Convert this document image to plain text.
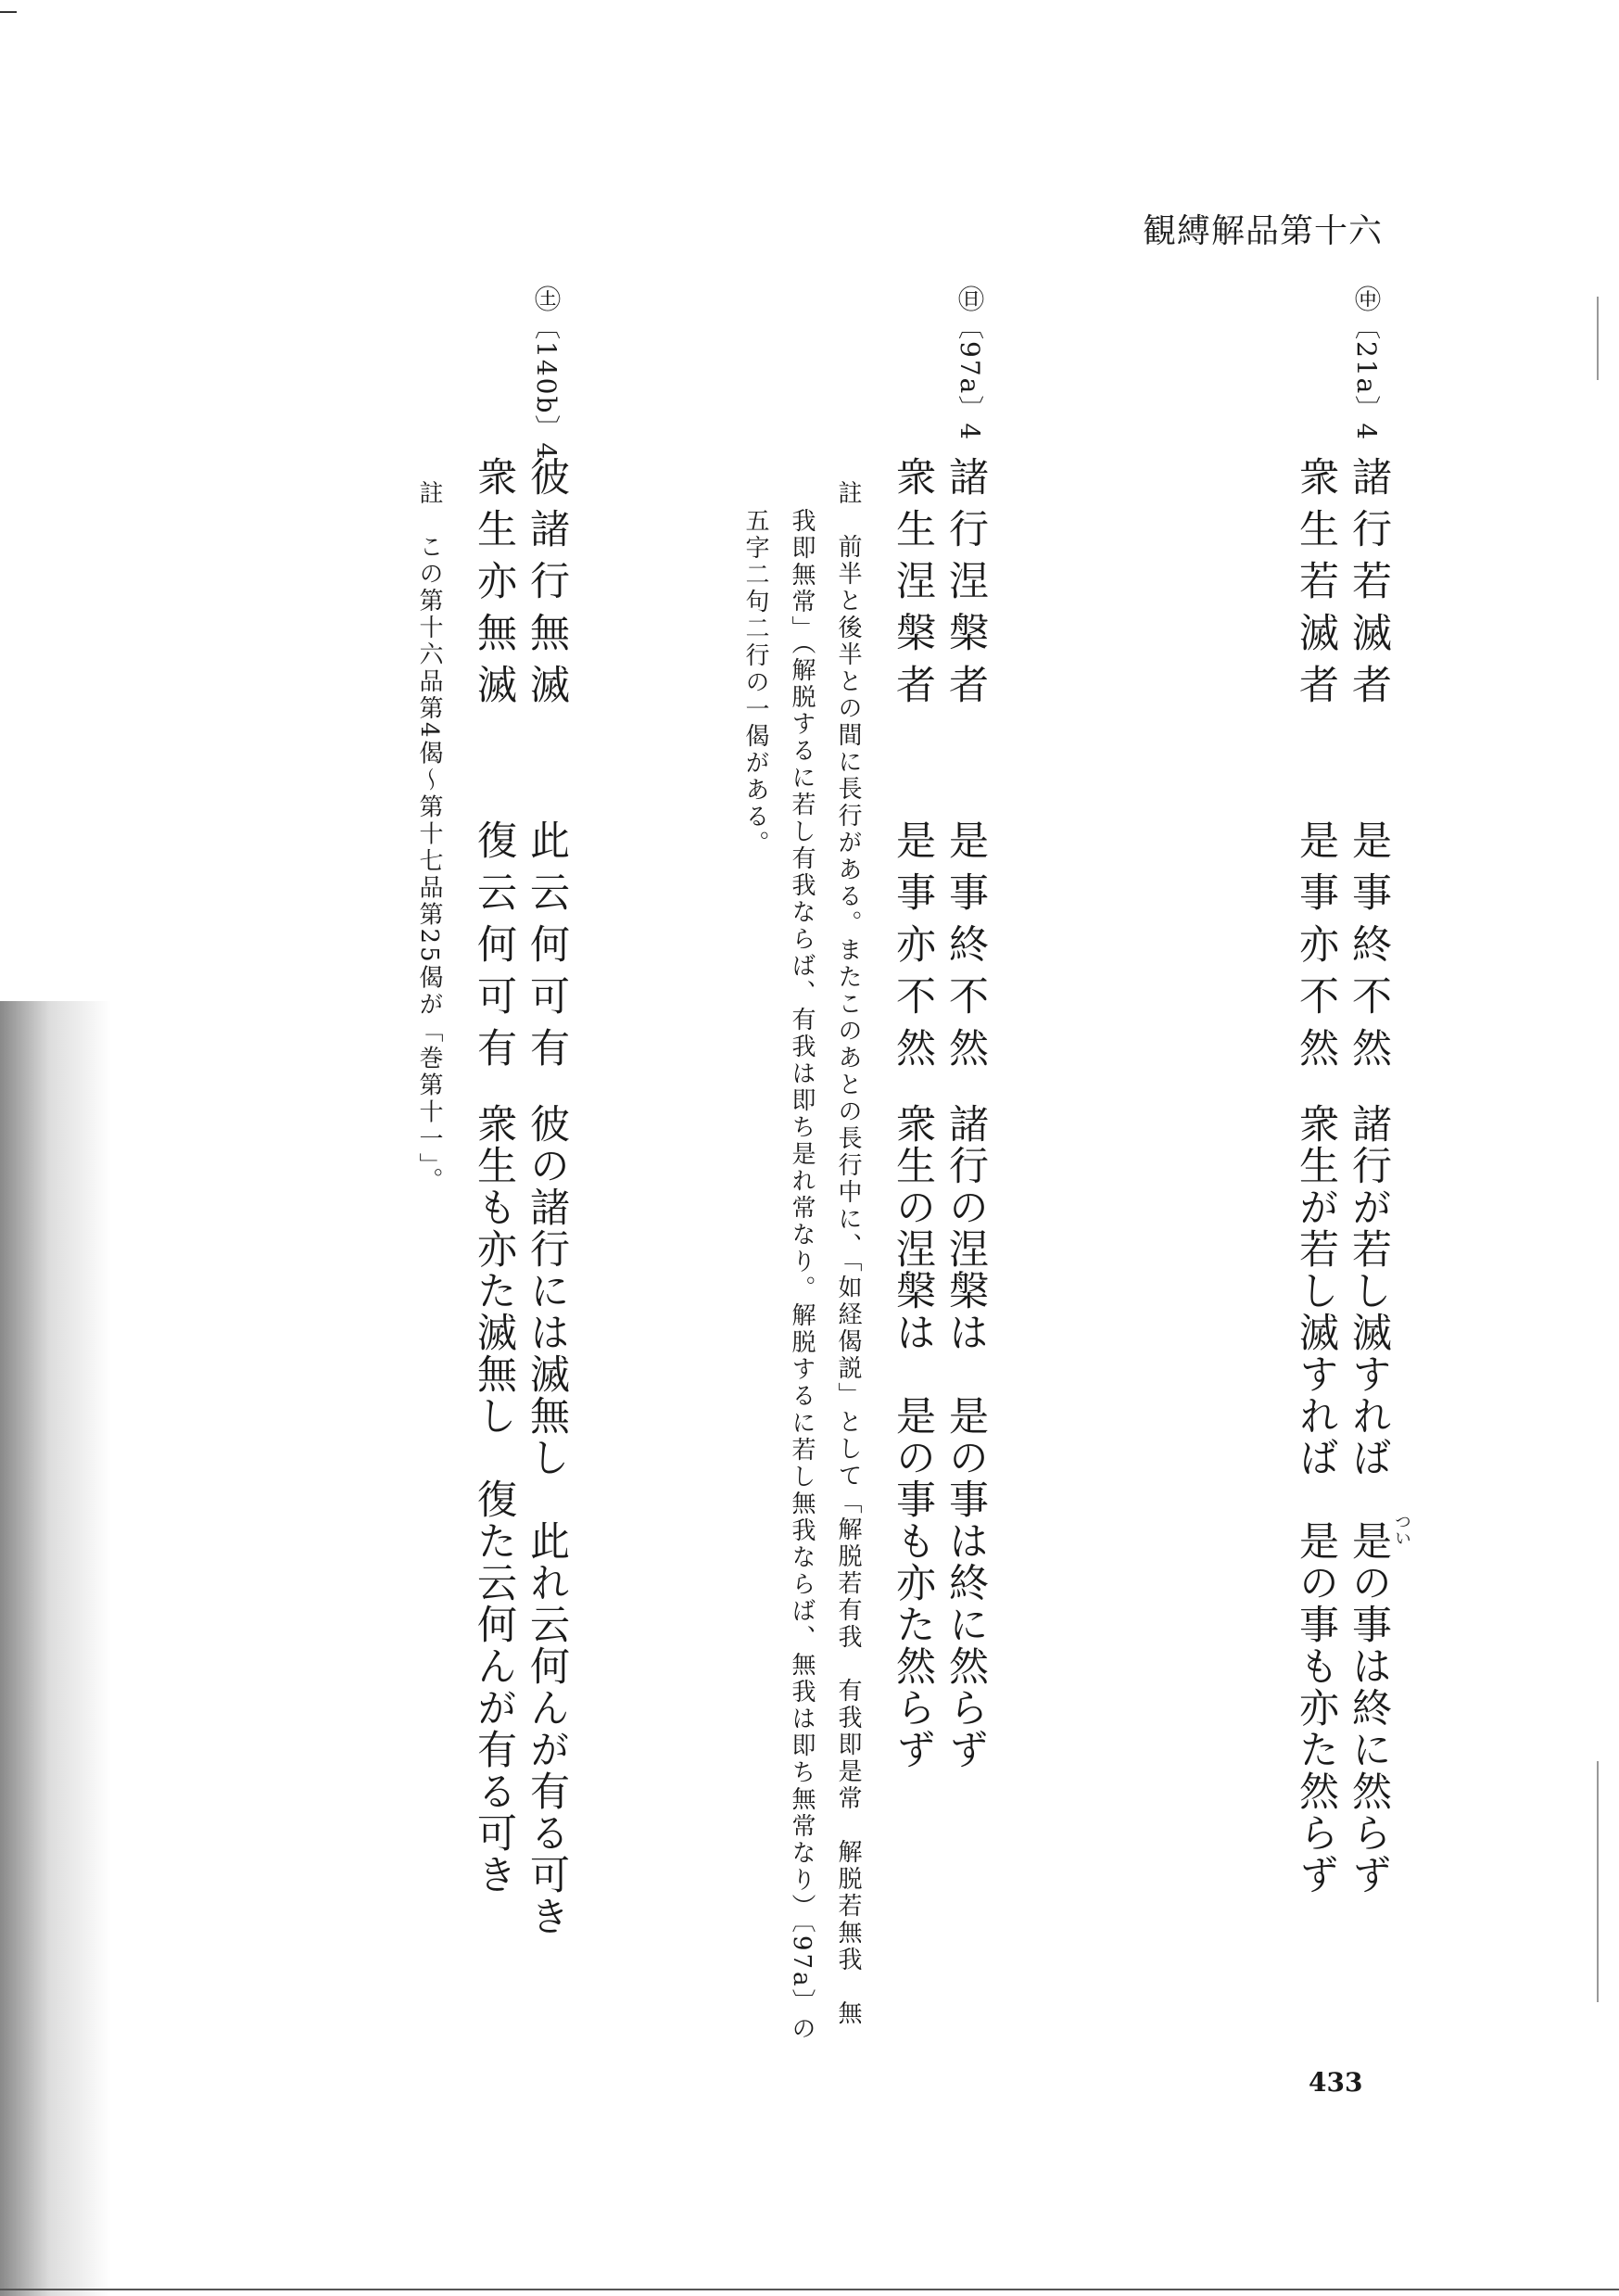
観縛解品第十六
㊥〔21a〕4
諸行若滅者　　是事終不然
衆生若滅者　　是事亦不然
諸行が若し滅すれば　是の事は終に然らず
衆生が若し滅すれば　是の事も亦た然らず	つい
㊐〔97a〕4
諸行涅槃者　　是事終不然
衆生涅槃者　　是事亦不然
諸行の涅槃は　是の事は終に然らず
衆生の涅槃は　是の事も亦た然らず
註　前半と後半との間に長行がある。またこのあとの長行中に、「如経偈説」として「解脱若有我　有我即是常　解脱若無我　無
我即無常」（解脱するに若し有我ならば、有我は即ち是れ常なり。解脱するに若し無我ならば、無我は即ち無常なり）〔97a〕の
五字二句二行の一偈がある。
㊏〔140b〕4
彼諸行無滅　　此云何可有
衆生亦無滅　　復云何可有
彼の諸行には滅無し　此れ云何んが有る可き
衆生も亦た滅無し　復た云何んが有る可き
註　この第十六品第4偈～第十七品第25偈が「巻第十一」。
433
